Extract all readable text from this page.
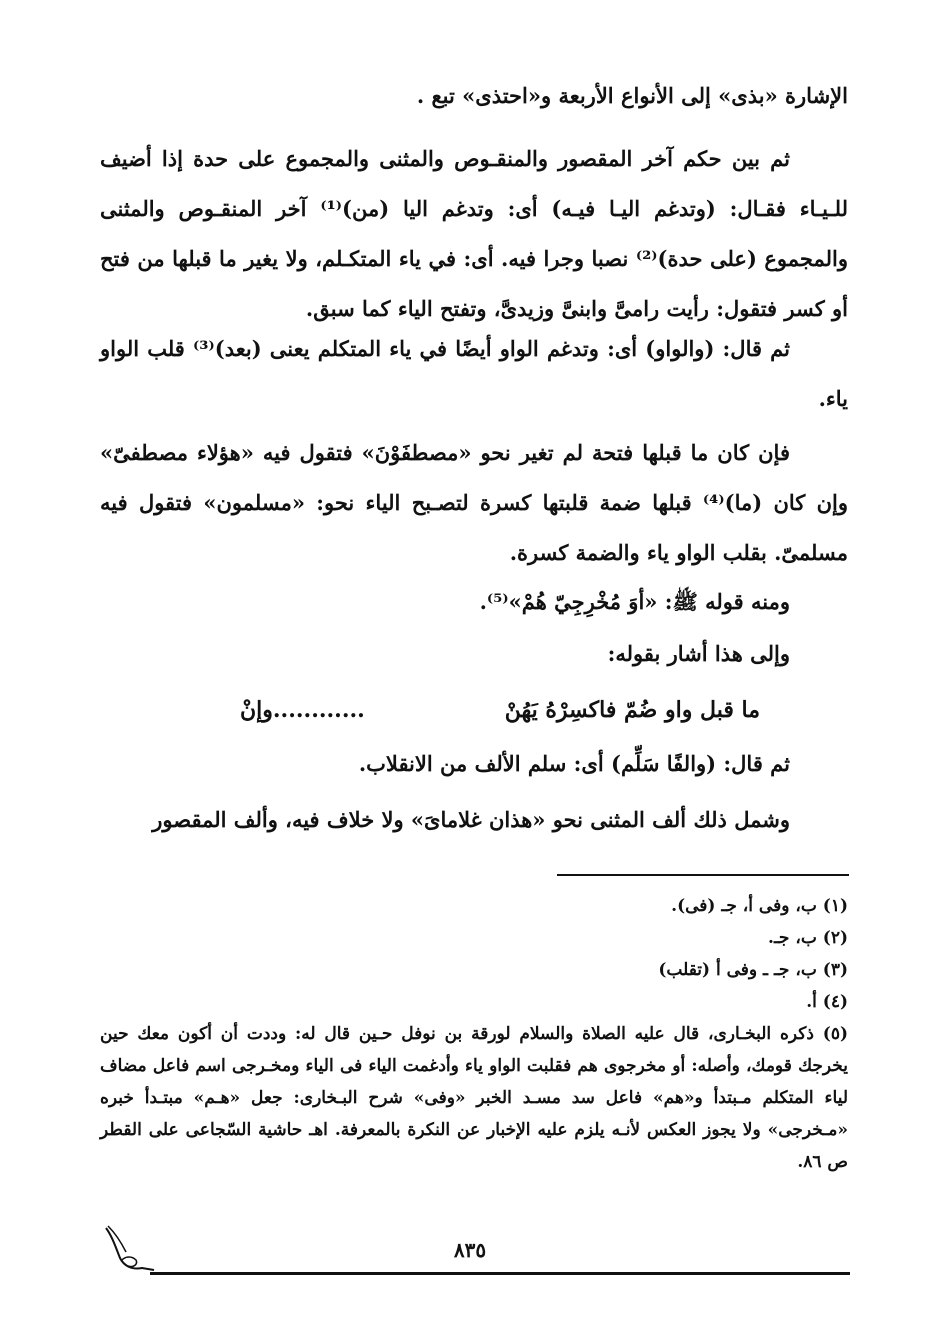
الإشارة «بذى» إلى الأنواع الأربعة و«احتذى» تبع .
ثم بين حكم آخر المقصور والمنقـوص والمثنى والمجموع على حدة إذا أضيف للـيـاء فقـال: (وتدغم اليـا فيـه) أى: وتدغم اليا (من)⁽¹⁾ آخر المنقـوص والمثنى والمجموع (على حدة)⁽²⁾ نصبا وجرا فيه. أى: في ياء المتكـلم، ولا يغير ما قبلها من فتح أو كسر فتقول: رأيت رامىَّ وابنىَّ وزيدىَّ، وتفتح الياء كما سبق.
ثم قال: (والواو) أى: وتدغم الواو أيضًا في ياء المتكلم يعنى (بعد)⁽³⁾ قلب الواو ياء.
فإن كان ما قبلها فتحة لم تغير نحو «مصطفَوْنَ» فتقول فيه «هؤلاء مصطفىّ» وإن كان (ما)⁽⁴⁾ قبلها ضمة قلبتها كسرة لتصـبح الياء نحو: «مسلمون» فتقول فيه مسلمىّ. بقلب الواو ياء والضمة كسرة.
ومنه قوله ﷺ: «أوَ مُخْرِجِيّ هُمْ»⁽⁵⁾.
وإلى هذا أشار بقوله:
ما قبل واو ضُمّ فاكسِرْهُ يَهُنْ
............وإنْ
ثم قال: (والفًا سَلِّم) أى: سلم الألف من الانقلاب.
وشمل ذلك ألف المثنى نحو «هذان غلاماىَ» ولا خلاف فيه، وألف المقصور

(١) ب، وفى أ، جـ (فى).

(٢) ب، جـ.

(٣) ب، جـ ـ وفى أ (تقلب)

(٤) أ.

(٥) ذكره البخـارى، قال عليه الصلاة والسلام لورقة بن نوفل حـين قال له: وددت أن أكون معك حين يخرجك قومك، وأصله: أو مخرجوى هم فقلبت الواو ياء وأدغمت الياء فى الياء ومخـرجى اسم فاعل مضاف لياء المتكلم مـبتدأ و«هم» فاعل سد مسـد الخبر «وفى» شرح البـخارى: جعل «هـم» مبتـدأ خبره «مـخرجى» ولا يجوز العكس لأنـه يلزم عليه الإخبار عن النكرة بالمعرفة. اهـ حاشية السّجاعى على القطر ص ٨٦.

٨٣٥
